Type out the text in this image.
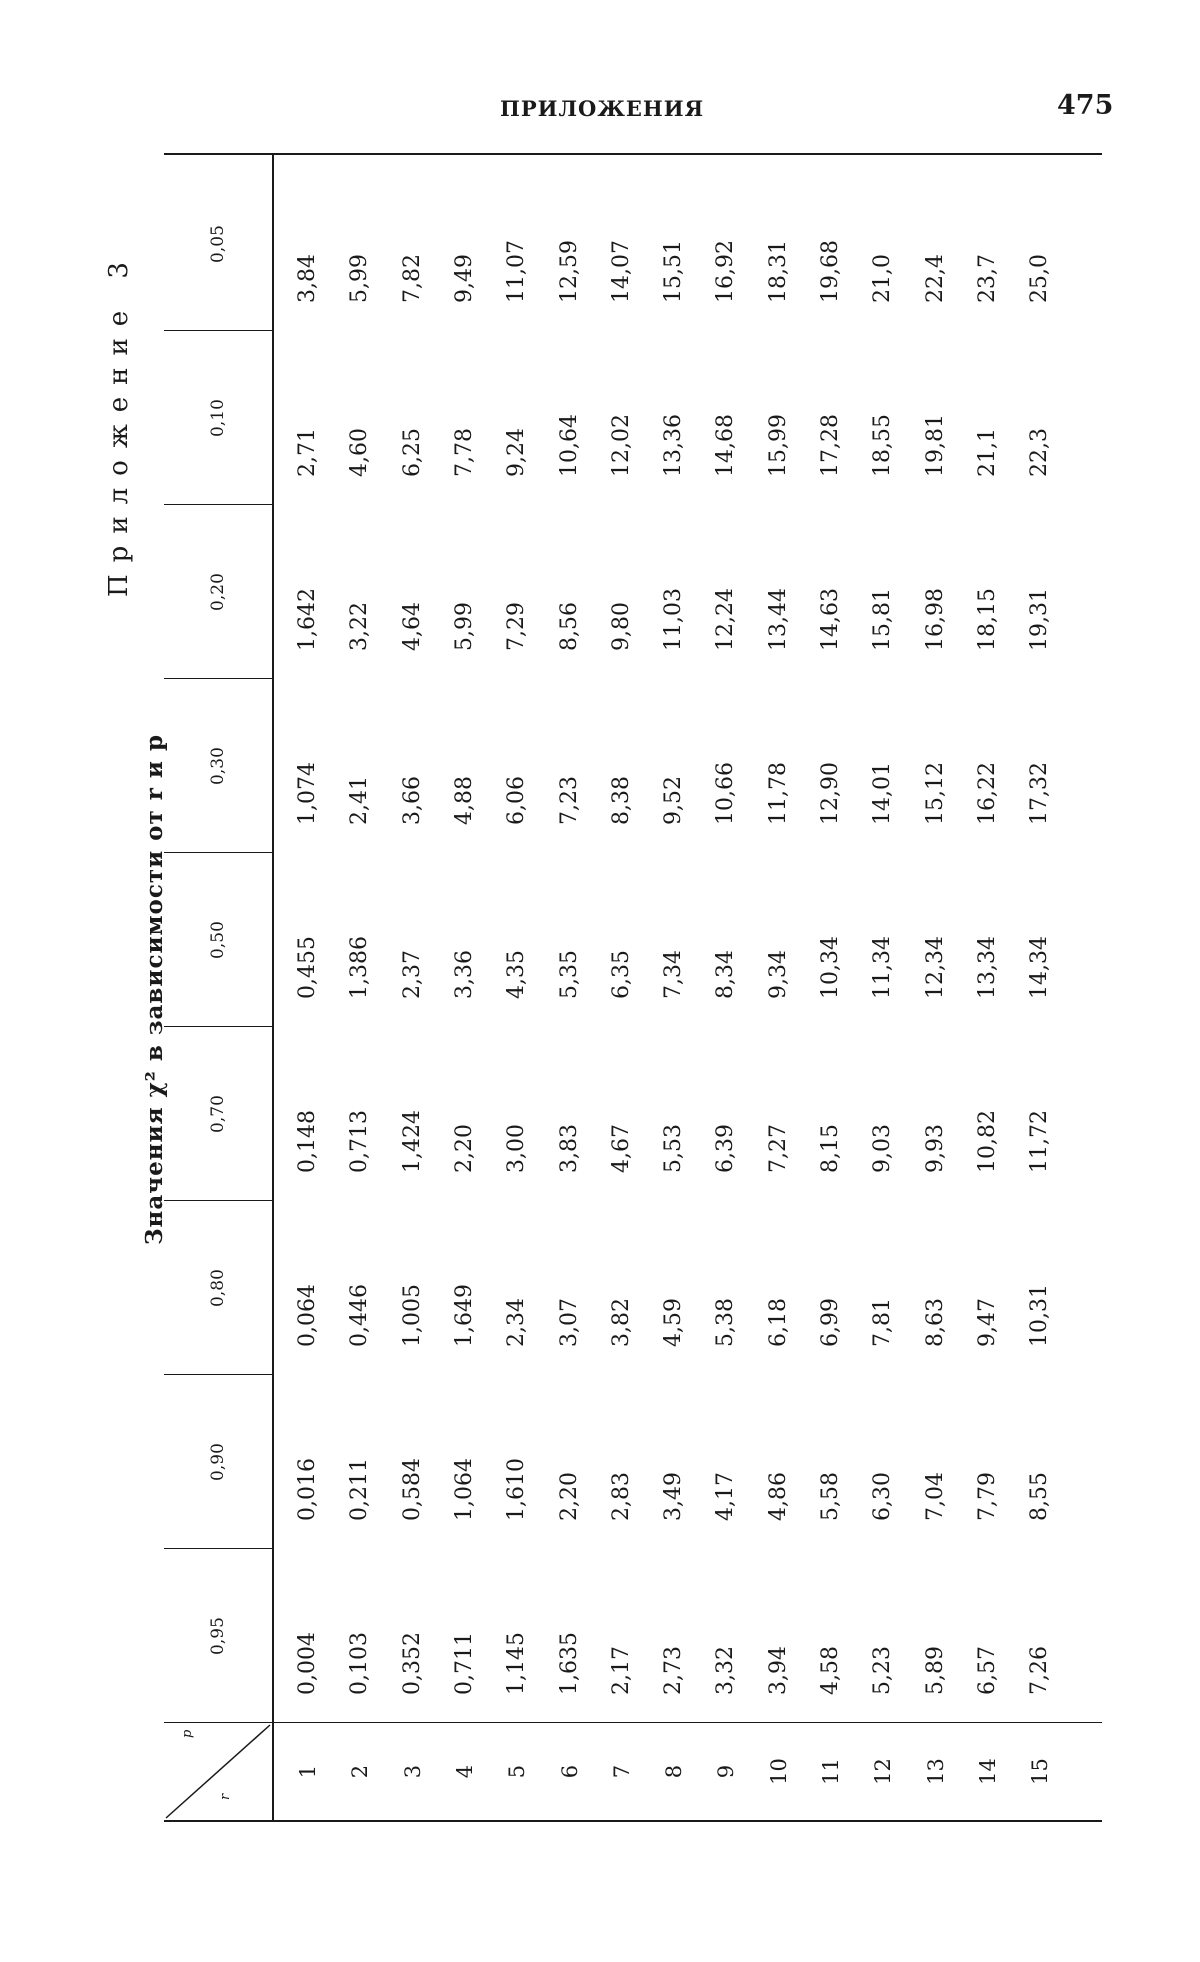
ПРИЛОЖЕНИЯ	475
Приложение 3
Значения χ² в зависимости от r и p
p
r
0,95
0,90
0,80
0,70
0,50
0,30
0,20
0,10
0,05
1
0,004
0,016
0,064
0,148
0,455
1,074
1,642
2,71
3,84
2
0,103
0,211
0,446
0,713
1,386
2,41
3,22
4,60
5,99
3
0,352
0,584
1,005
1,424
2,37
3,66
4,64
6,25
7,82
4
0,711
1,064
1,649
2,20
3,36
4,88
5,99
7,78
9,49
5
1,145
1,610
2,34
3,00
4,35
6,06
7,29
9,24
11,07
6
1,635
2,20
3,07
3,83
5,35
7,23
8,56
10,64
12,59
7
2,17
2,83
3,82
4,67
6,35
8,38
9,80
12,02
14,07
8
2,73
3,49
4,59
5,53
7,34
9,52
11,03
13,36
15,51
9
3,32
4,17
5,38
6,39
8,34
10,66
12,24
14,68
16,92
10
3,94
4,86
6,18
7,27
9,34
11,78
13,44
15,99
18,31
11
4,58
5,58
6,99
8,15
10,34
12,90
14,63
17,28
19,68
12
5,23
6,30
7,81
9,03
11,34
14,01
15,81
18,55
21,0
13
5,89
7,04
8,63
9,93
12,34
15,12
16,98
19,81
22,4
14
6,57
7,79
9,47
10,82
13,34
16,22
18,15
21,1
23,7
15
7,26
8,55
10,31
11,72
14,34
17,32
19,31
22,3
25,0
